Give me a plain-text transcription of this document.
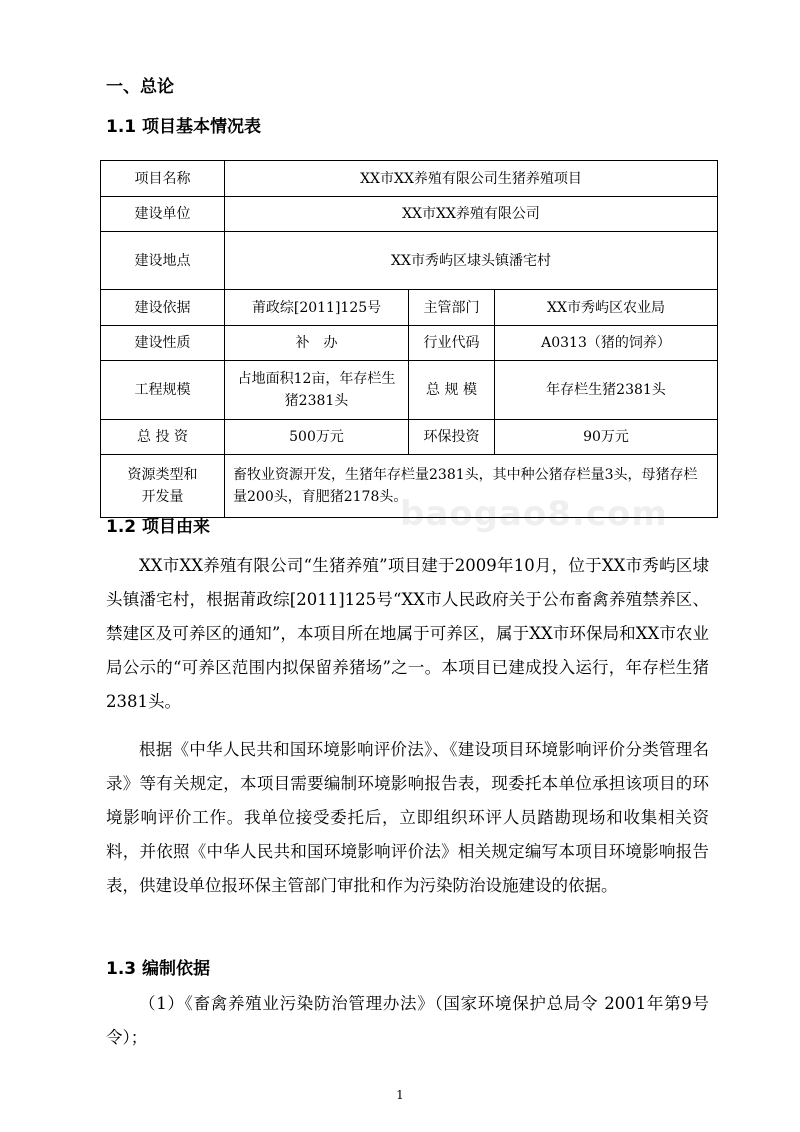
一、总论
1.1 项目基本情况表
项目名称	XX市XX养殖有限公司生猪养殖项目		
建设单位	XX市XX养殖有限公司		
建设地点	XX市秀屿区埭头镇潘宅村		
建设依据	莆政综[2011]125号	主管部门	XX市秀屿区农业局
建设性质	补　办	行业代码	A0313（猪的饲养）
工程规模	占地面积12亩，年存栏生猪2381头	总 规 模	年存栏生猪2381头
总 投 资	500万元	环保投资	90万元
资源类型和开发量	畜牧业资源开发，生猪年存栏量2381头，其中种公猪存栏量3头，母猪存栏量200头，育肥猪2178头。		
baogao8.com
1.2 项目由来

XX市XX养殖有限公司“生猪养殖”项目建于2009年10月，位于XX市秀屿区埭头镇潘宅村，根据莆政综[2011]125号“XX市人民政府关于公布畜禽养殖禁养区、禁建区及可养区的通知”，本项目所在地属于可养区，属于XX市环保局和XX市农业局公示的“可养区范围内拟保留养猪场”之一。本项目已建成投入运行，年存栏生猪2381头。

根据《中华人民共和国环境影响评价法》、《建设项目环境影响评价分类管理名录》等有关规定，本项目需要编制环境影响报告表，现委托本单位承担该项目的环境影响评价工作。我单位接受委托后，立即组织环评人员踏勘现场和收集相关资料，并依照《中华人民共和国环境影响评价法》相关规定编写本项目环境影响报告表，供建设单位报环保主管部门审批和作为污染防治设施建设的依据。

1.3 编制依据

（1）《畜禽养殖业污染防治管理办法》（国家环境保护总局令 2001年第9号令）；

1
